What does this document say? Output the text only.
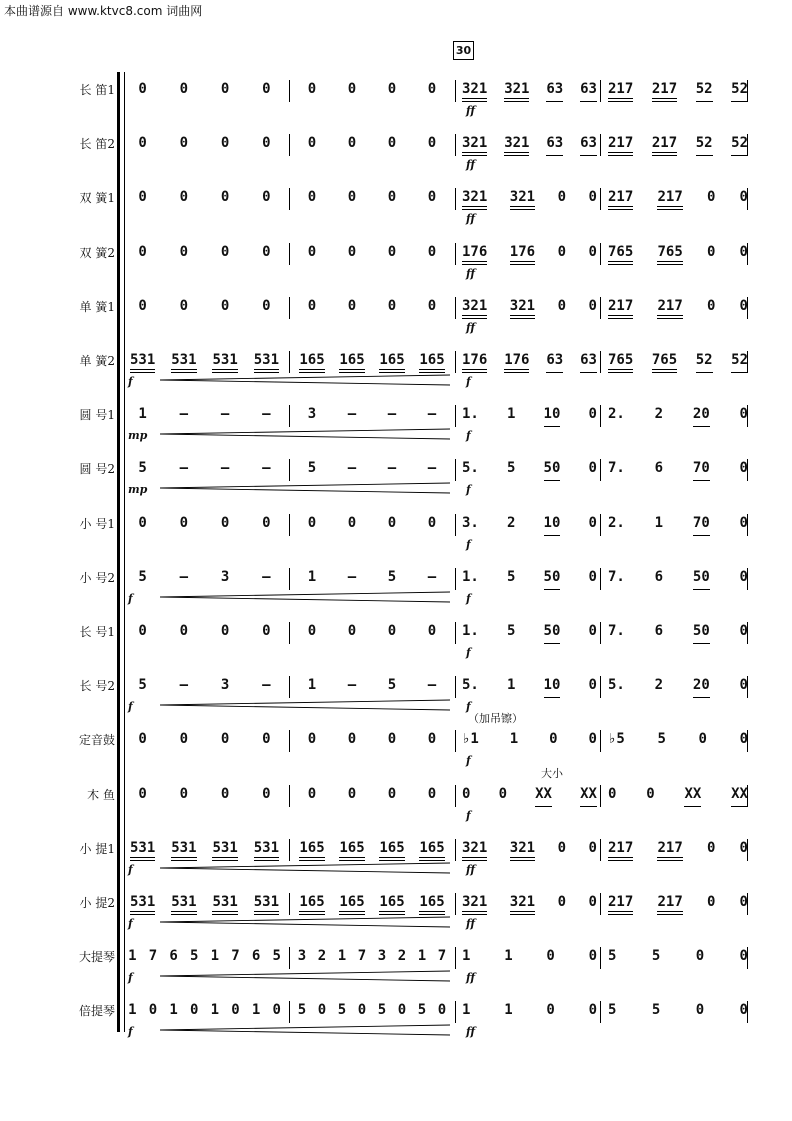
本曲谱源自 www.ktvc8.com 词曲网
30
长 笛1 0 0 0 0	0 0 0 0 321 321 63 63 217 217 52 52
ff
长 笛2 0 0 0 0	0 0 0 0 321 321 63 63 217 217 52 52
ff
双 簧1 0 0 0 0	0 0 0 0 321 321 0 0 217 217 0 0
ff
双 簧2 0 0 0 0	0 0 0 0 176 176 0 0 765 765 0 0
ff
单 簧1 0 0 0 0	0 0 0 0 321 321 0 0 217 217 0 0
ff
单 簧2 531 531 531 531 165 165 165 165 176 176 63 63 765 765 52 52
f	f
圆 号1 1 – – –	3 – – – 1. 1 10 0 2. 2 20 0
mp	f
圆 号2 5 – – –	5 – – – 5. 5 50 0 7. 6 70 0
mp	f
小 号1 0 0 0 0	0 0 0 0 3. 2 10 0 2. 1 70 0
f
小 号2 5 – 3 –	1 – 5 – 1. 5 50 0 7. 6 50 0
f	f
长 号1 0 0 0 0	0 0 0 0 1. 5 50 0 7. 6 50 0
f
长 号2 5 – 3 –	1 – 5 – 5. 1 10 0 5. 2 20 0
f	f
定音鼓 0 0 0 0	0 0 0 0 ♭1 1 0 0 ♭5 5 0 0
f
木 鱼 0 0 0 0	0 0 0 0 0 0 XX XX 0 0 XX XX
f
小 提1 531 531 531 531 165 165 165 165 321 321 0 0 217 217 0 0
f	ff
小 提2 531 531 531 531 165 165 165 165 321 321 0 0 217 217 0 0
f	ff
大提琴 1 7 6 5 1 7 6 5 3 2 1 7 3 2 1 7 1 1 0 0 5	5	0	0
f	ff
倍提琴 1 0 1 0 1 0 1 0 5 0 5 0 5 0 5 0 1 1 0 0 5	5	0	0
f	ff
（加吊镲）
大小
